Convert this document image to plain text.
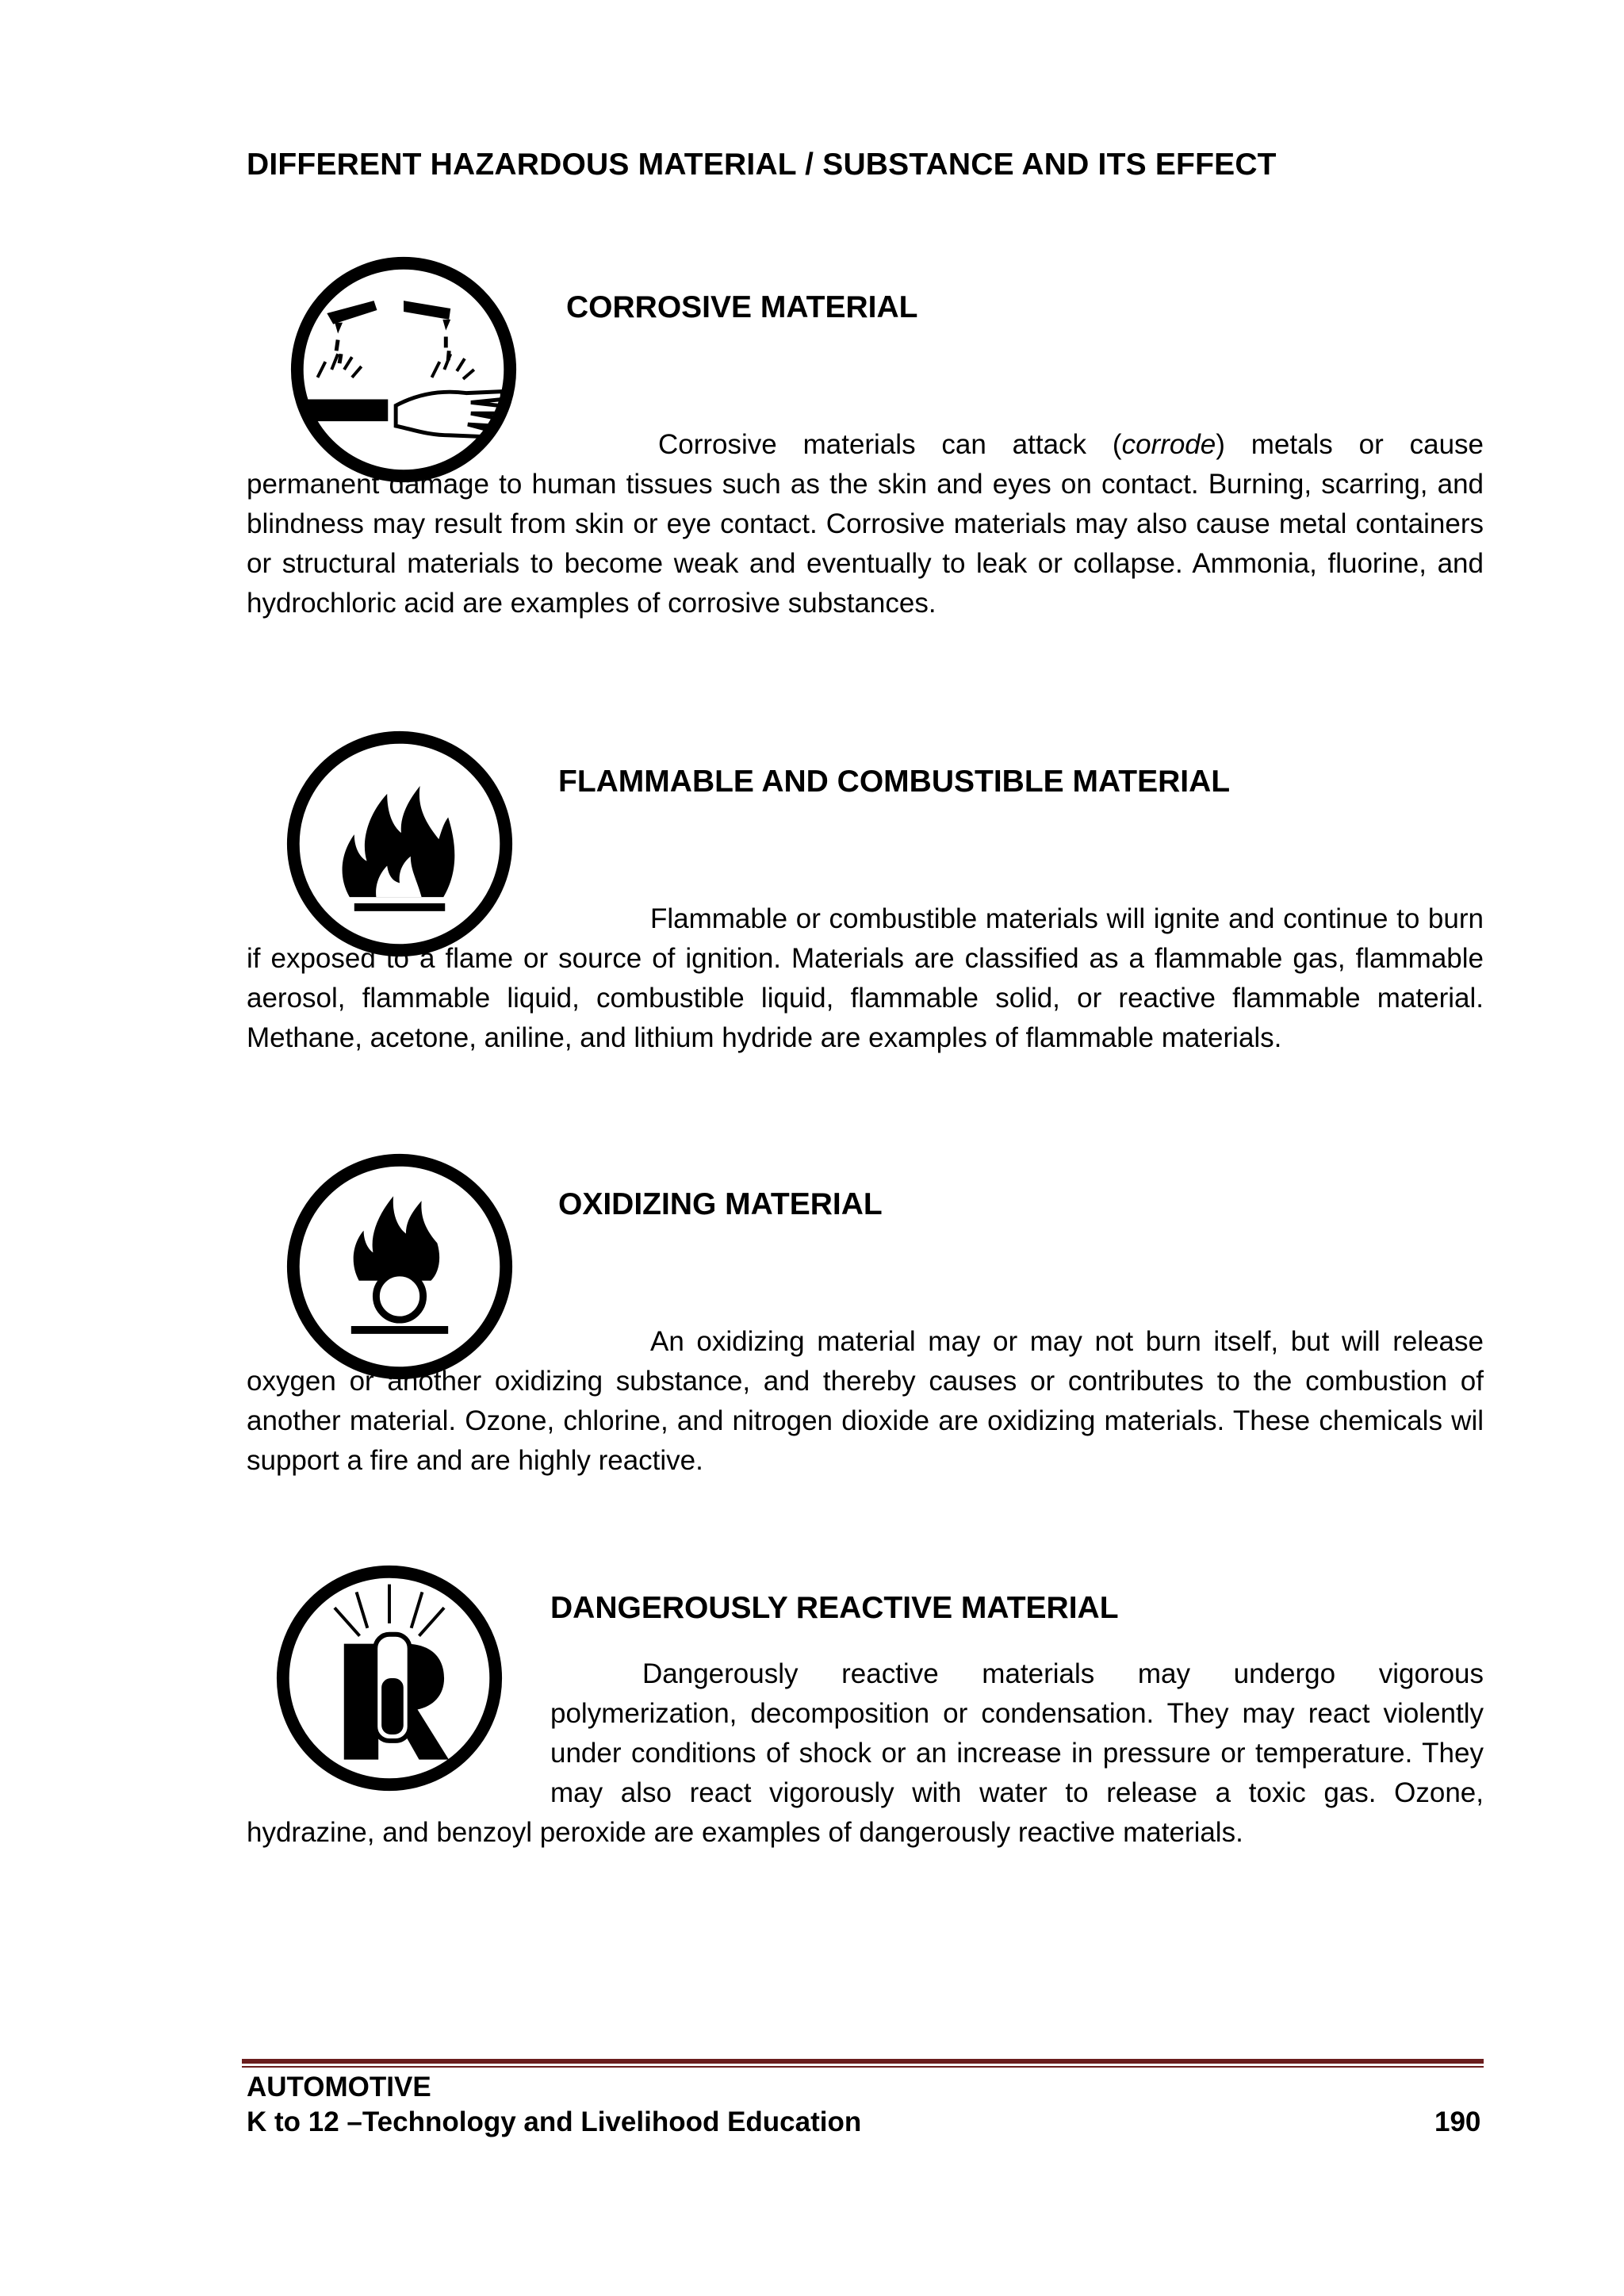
DIFFERENT HAZARDOUS MATERIAL / SUBSTANCE AND ITS EFFECT
CORROSIVE MATERIAL

Corrosive materials can attack (corrode) metals or cause permanent damage to human tissues such as the skin and eyes on contact. Burning, scarring, and blindness may result from skin or eye contact. Corrosive materials may also cause metal containers or structural materials to become weak and eventually to leak or collapse. Ammonia, fluorine, and hydrochloric acid are examples of corrosive substances.

FLAMMABLE AND COMBUSTIBLE MATERIAL

Flammable or combustible materials will ignite and continue to burn if exposed to a flame or source of ignition. Materials are classified as a flammable gas, flammable aerosol, flammable liquid, combustible liquid, flammable solid, or reactive flammable material. Methane, acetone, aniline, and lithium hydride are examples of flammable materials.

OXIDIZING MATERIAL

An oxidizing material may or may not burn itself, but will release oxygen or another oxidizing substance, and thereby causes or contributes to the combustion of another material. Ozone, chlorine, and nitrogen dioxide are oxidizing materials. These chemicals wil support a fire and are highly reactive.

DANGEROUSLY REACTIVE MATERIAL

Dangerously reactive materials may undergo vigorous polymerization, decomposition or condensation. They may react violently under conditions of shock or an increase in pressure or temperature. They may also react vigorously with water to release a toxic gas. Ozone, hydrazine, and benzoyl peroxide are examples of dangerously reactive materials.

AUTOMOTIVE

K to 12 –Technology and Livelihood Education	190
